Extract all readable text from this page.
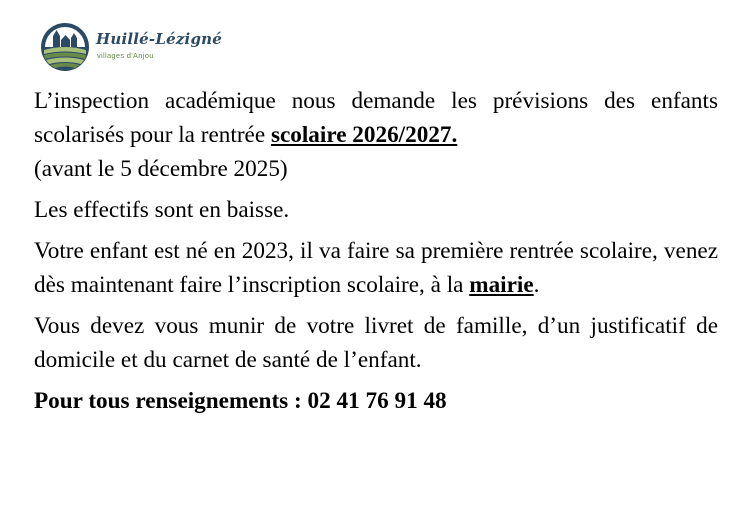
Huillé-Lézigné
villages d'Anjou

L’inspection académique nous demande les prévisions des enfants scolarisés pour la rentrée scolaire 2026/2027.
(avant le 5 décembre 2025)

Les effectifs sont en baisse.

Votre enfant est né en 2023, il va faire sa première rentrée scolaire, venez dès maintenant faire l’inscription scolaire, à la mairie.

Vous devez vous munir de votre livret de famille, d’un justificatif de domicile et du carnet de santé de l’enfant.

Pour tous renseignements : 02 41 76 91 48
